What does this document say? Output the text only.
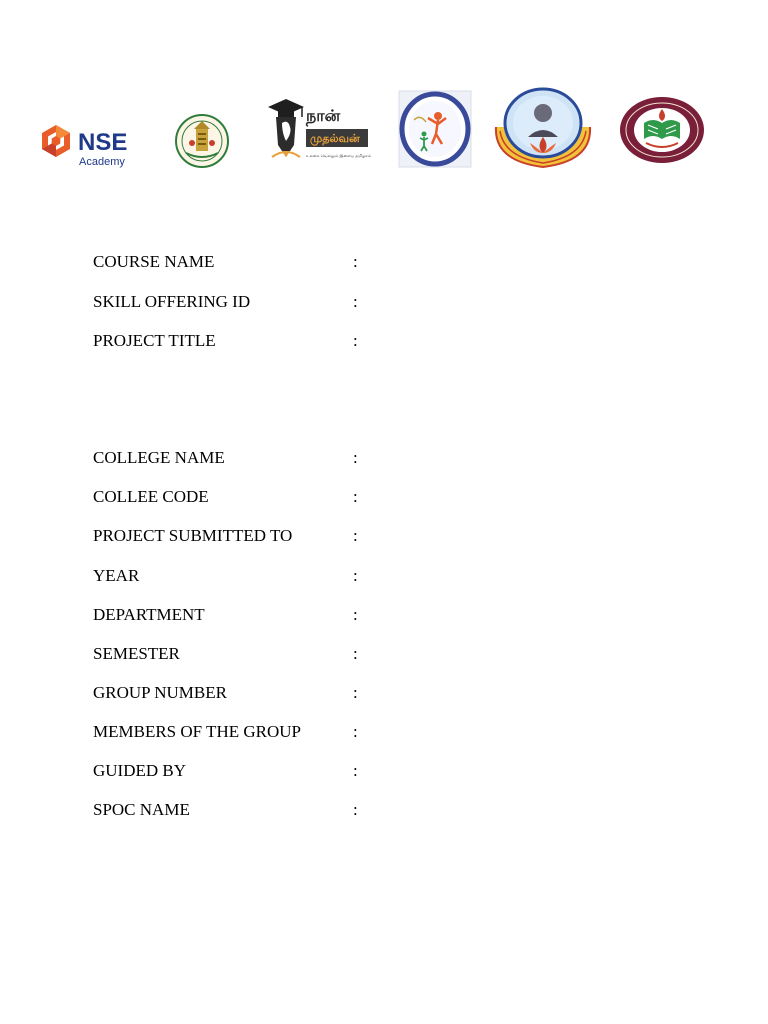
NSE
Academy
நான்
முதல்வன்
உலகை வெல்லும் இளைய தமிழகம்
COURSE NAME	:
SKILL OFFERING ID	:
PROJECT TITLE	:
COLLEGE NAME	:
COLLEE CODE	:
PROJECT SUBMITTED TO	:
YEAR	:
DEPARTMENT	:
SEMESTER	:
GROUP NUMBER	:
MEMBERS OF THE GROUP	:
GUIDED BY	:
SPOC NAME	:
